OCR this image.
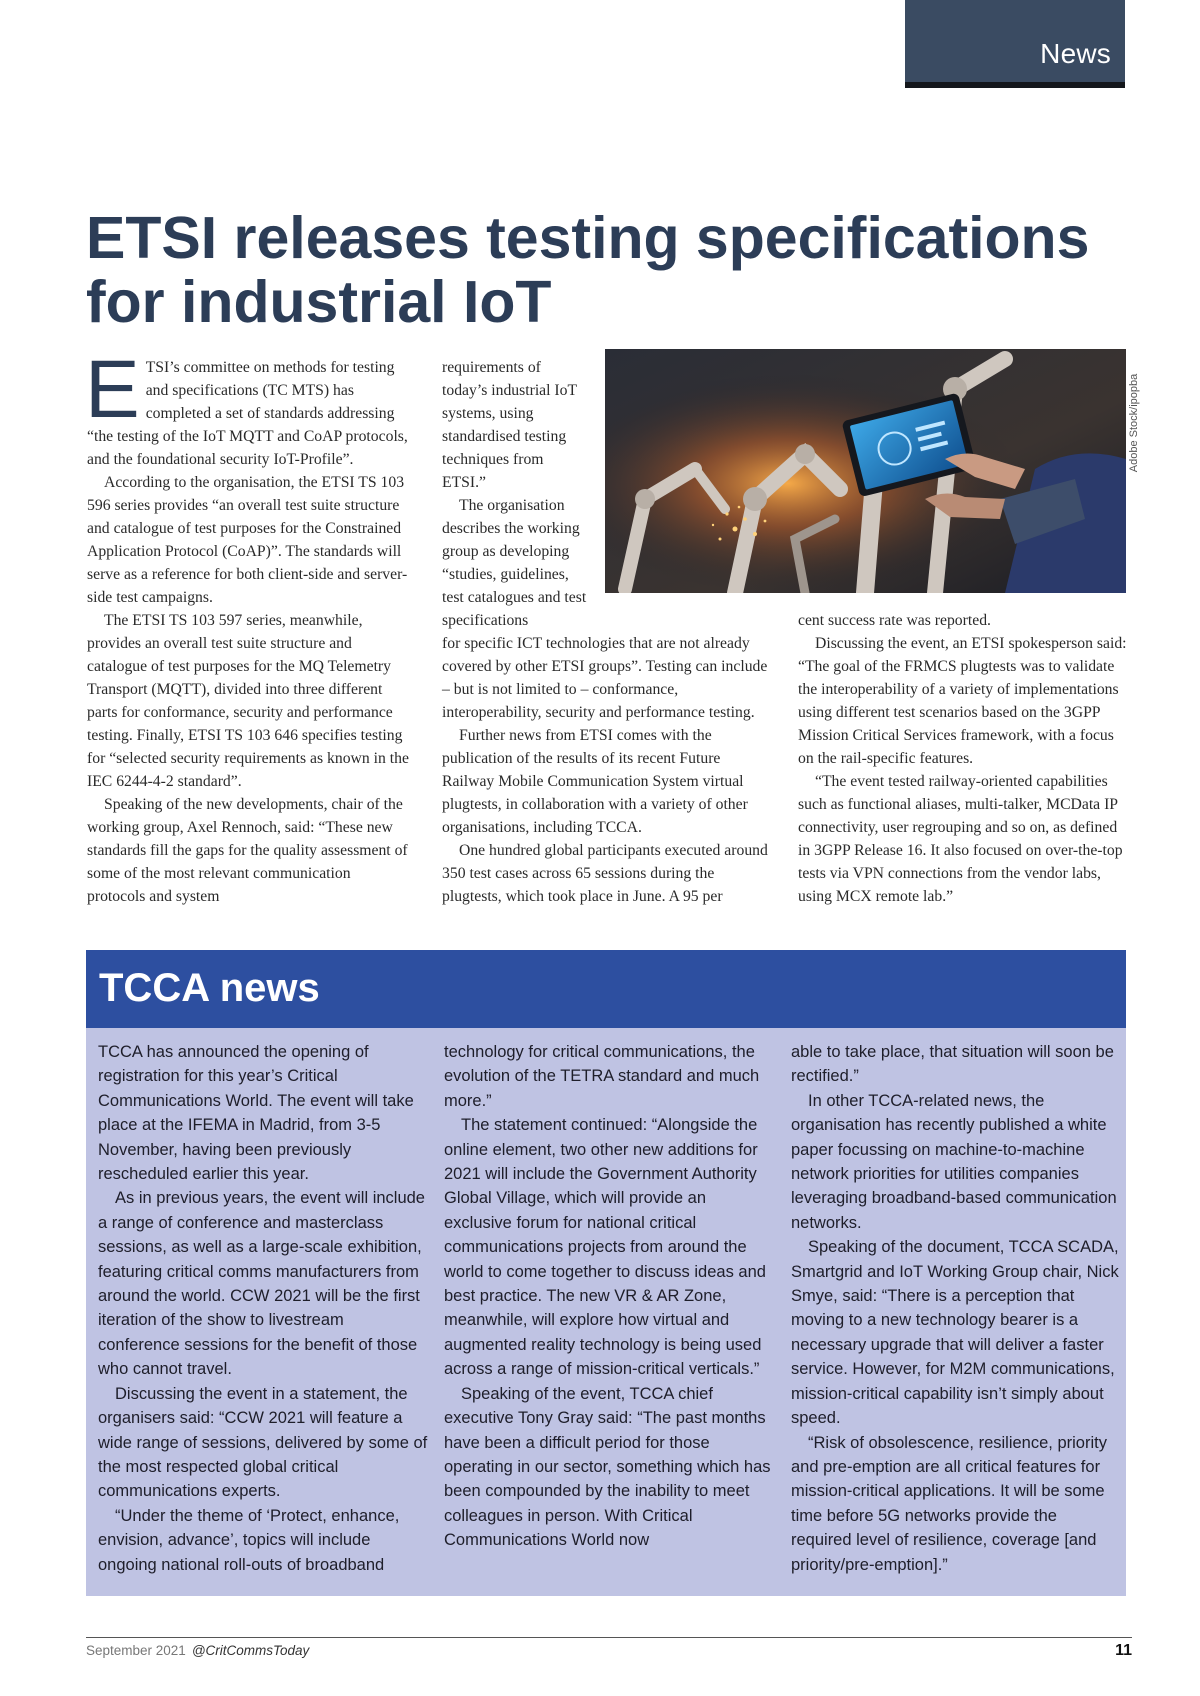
News
ETSI releases testing specifications
for industrial IoT
E TSI’s committee on methods for testing and specifications (TC MTS) has completed a set of standards addressing “the testing of the IoT MQTT and CoAP protocols, and the foundational security IoT-Profile”.

According to the organisation, the ETSI TS 103 596 series provides “an overall test suite structure and catalogue of test purposes for the Constrained Application Protocol (CoAP)”. The standards will serve as a reference for both client-side and server-side test campaigns.

The ETSI TS 103 597 series, meanwhile, provides an overall test suite structure and catalogue of test purposes for the MQ Telemetry Transport (MQTT), divided into three different parts for conformance, security and performance testing. Finally, ETSI TS 103 646 specifies testing for “selected security requirements as known in the IEC 6244-4-2 standard”.

Speaking of the new developments, chair of the working group, Axel Rennoch, said: “These new standards fill the gaps for the quality assessment of some of the most relevant communication protocols and system

requirements of today’s industrial IoT systems, using standardised testing techniques from ETSI.”

The organisation describes the working group as developing “studies, guidelines, test catalogues and test specifications

for specific ICT technologies that are not already covered by other ETSI groups”. Testing can include – but is not limited to – conformance, interoperability, security and performance testing.

Further news from ETSI comes with the publication of the results of its recent Future Railway Mobile Communication System virtual plugtests, in collaboration with a variety of other organisations, including TCCA.

One hundred global participants executed around 350 test cases across 65 sessions during the plugtests, which took place in June. A 95 per

cent success rate was reported.

Discussing the event, an ETSI spokesperson said: “The goal of the FRMCS plugtests was to validate the interoperability of a variety of implementations using different test scenarios based on the 3GPP Mission Critical Services framework, with a focus on the rail-specific features.

“The event tested railway-oriented capabilities such as functional aliases, multi-talker, MCData IP connectivity, user regrouping and so on, as defined in 3GPP Release 16. It also focused on over-the-top tests via VPN connections from the vendor labs, using MCX remote lab.”

Adobe Stock/ipopba
TCCA news

TCCA has announced the opening of registration for this year’s Critical Communications World. The event will take place at the IFEMA in Madrid, from 3-5 November, having been previously rescheduled earlier this year.

As in previous years, the event will include a range of conference and masterclass sessions, as well as a large-scale exhibition, featuring critical comms manufacturers from around the world. CCW 2021 will be the first iteration of the show to livestream conference sessions for the benefit of those who cannot travel.

Discussing the event in a statement, the organisers said: “CCW 2021 will feature a wide range of sessions, delivered by some of the most respected global critical communications experts.

“Under the theme of ‘Protect, enhance, envision, advance’, topics will include ongoing national roll-outs of broadband

technology for critical communications, the evolution of the TETRA standard and much more.”

The statement continued: “Alongside the online element, two other new additions for 2021 will include the Government Authority Global Village, which will provide an exclusive forum for national critical communications projects from around the world to come together to discuss ideas and best practice. The new VR & AR Zone, meanwhile, will explore how virtual and augmented reality technology is being used across a range of mission-critical verticals.”

Speaking of the event, TCCA chief executive Tony Gray said: “The past months have been a difficult period for those operating in our sector, something which has been compounded by the inability to meet colleagues in person. With Critical Communications World now

able to take place, that situation will soon be rectified.”

In other TCCA-related news, the organisation has recently published a white paper focussing on machine-to-machine network priorities for utilities companies leveraging broadband-based communication networks.

Speaking of the document, TCCA SCADA, Smartgrid and IoT Working Group chair, Nick Smye, said: “There is a perception that moving to a new technology bearer is a necessary upgrade that will deliver a faster service. However, for M2M communications, mission-critical capability isn’t simply about speed.

“Risk of obsolescence, resilience, priority and pre-emption are all critical features for mission-critical applications. It will be some time before 5G networks provide the required level of resilience, coverage [and priority/pre-emption].”

September 2021 @CritCommsToday	11
